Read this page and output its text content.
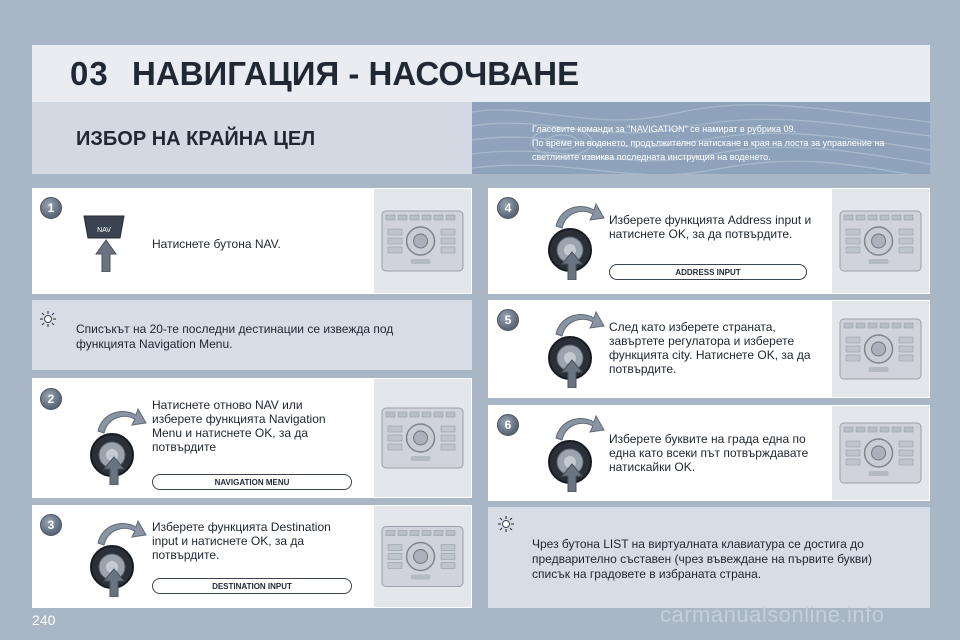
03 НАВИГАЦИЯ - НАСОЧВАНЕ
ИЗБОР НА КРАЙНА ЦЕЛ	Гласовите команди за "NAVIGATION" се намират в рубрика 09.
По време на воденето, продължително натискане в края на лоста за управление на
светлините извиква последната инструкция на воденето.
1
NAV
Натиснете бутона NAV.
Списъкът на 20-те последни дестинации се извежда под функцията Navigation Menu.
2	Натиснете отново NAV или изберете функцията Navigation Menu и натиснете OK, за да потвърдите
NAVIGATION MENU
3	Изберете функцията Destination input и натиснете OK, за да потвърдите.
DESTINATION INPUT
4
Изберете функцията Address input и натиснете OK, за да потвърдите.
ADDRESS INPUT
5	След като изберете страната, завъртете регулатора и изберете функцията city. Натиснете OK, за да потвърдите.
6
Изберете буквите на града една по една като всеки път потвърждавате натискайки OK.
Чрез бутона LIST на виртуалната клавиатура се достига до предварително съставен (чрез въвеждане на първите букви) списък на градовете в избраната страна.
240	carmanualsonline.info
